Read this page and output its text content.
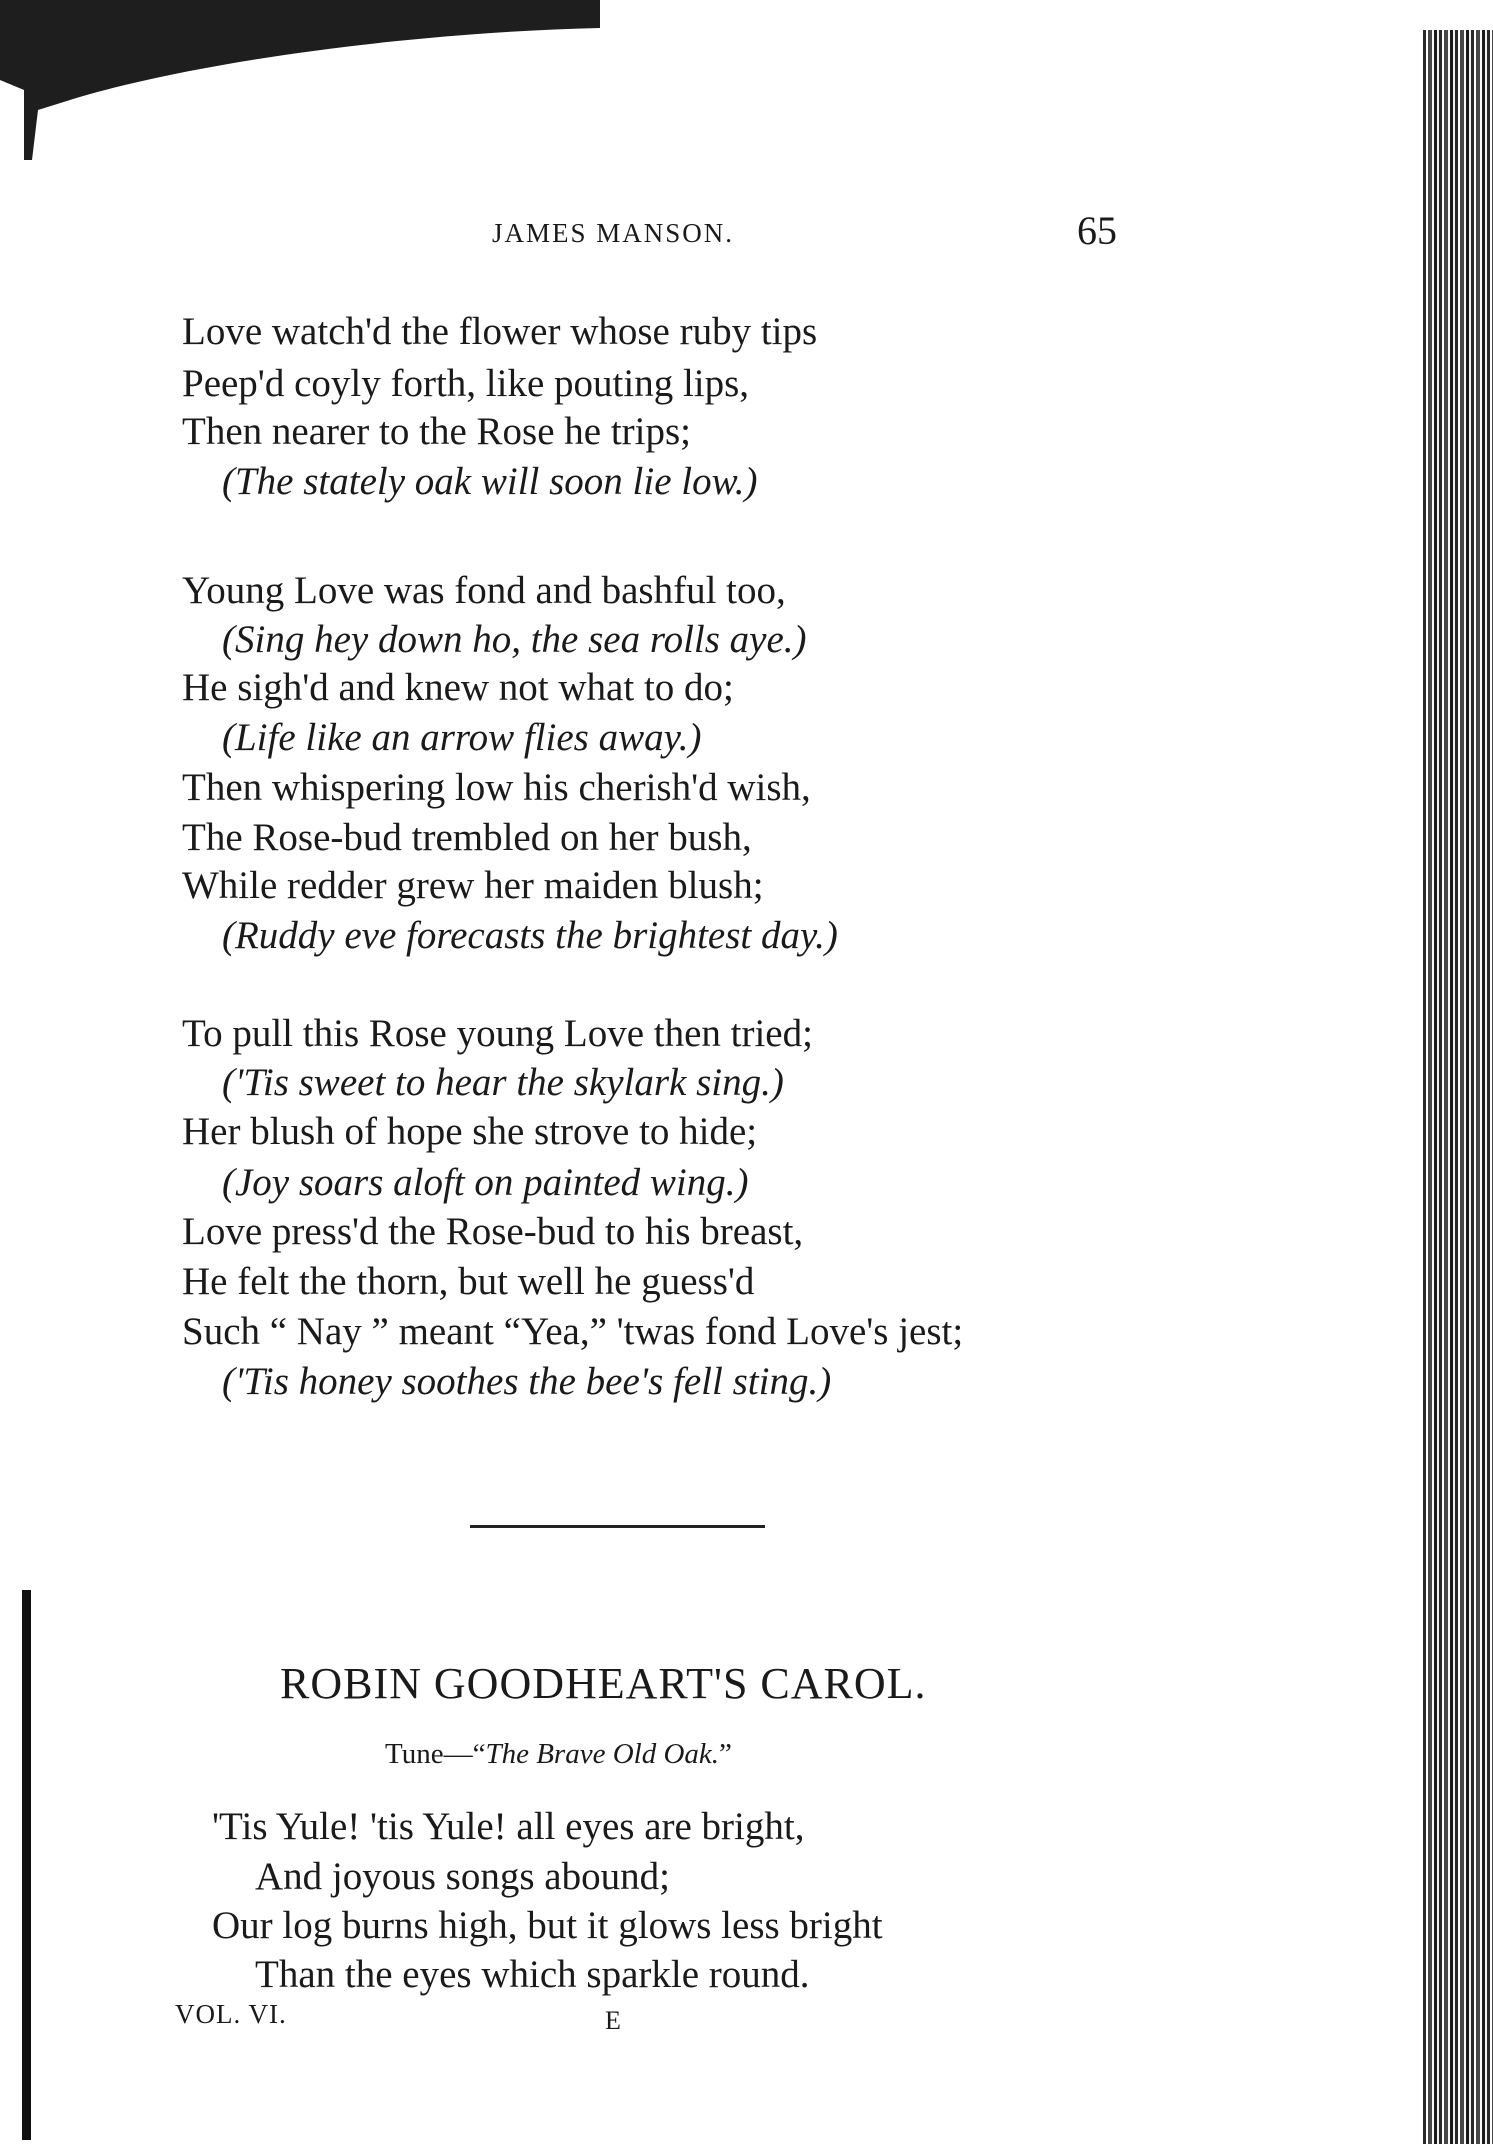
JAMES MANSON.	65
Love watch'd the flower whose ruby tips
Peep'd coyly forth, like pouting lips,
Then nearer to the Rose he trips;
(The stately oak will soon lie low.)
Young Love was fond and bashful too,
(Sing hey down ho, the sea rolls aye.)
He sigh'd and knew not what to do;
(Life like an arrow flies away.)
Then whispering low his cherish'd wish,
The Rose-bud trembled on her bush,
While redder grew her maiden blush;
(Ruddy eve forecasts the brightest day.)
To pull this Rose young Love then tried;
('Tis sweet to hear the skylark sing.)
Her blush of hope she strove to hide;
(Joy soars aloft on painted wing.)
Love press'd the Rose-bud to his breast,
He felt the thorn, but well he guess'd
Such “ Nay ” meant “Yea,” 'twas fond Love's jest;
('Tis honey soothes the bee's fell sting.)
ROBIN GOODHEART'S CAROL.
Tune—“The Brave Old Oak.”
'Tis Yule! 'tis Yule! all eyes are bright,
And joyous songs abound;
Our log burns high, but it glows less bright
Than the eyes which sparkle round.
VOL. VI.	E
